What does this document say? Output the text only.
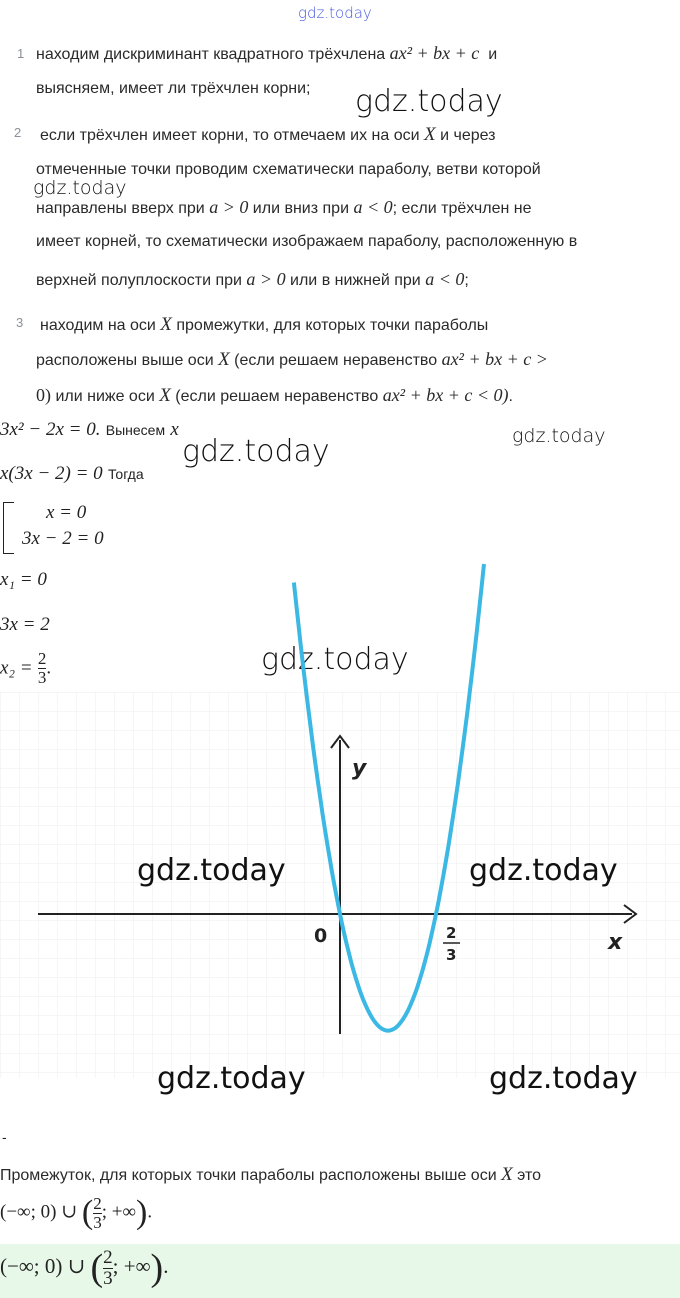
gdz.today
1 находим дискриминант квадратного трёхчлена ax² + bx + c и
выясняем, имеет ли трёхчлен корни; gdz.today
2 если трёхчлен имеет корни, то отмечаем их на оси X и через
отмеченные точки проводим схематически параболу, ветви которой
gdz.today
направлены вверх при a > 0 или вниз при a < 0; если трёхчлен не
имеет корней, то схематически изображаем параболу, расположенную в
верхней полуплоскости при a > 0 или в нижней при a < 0;
3 находим на оси X промежутки, для которых точки параболы
расположены выше оси X (если решаем неравенство ax² + bx + c >
0) или ниже оси X (если решаем неравенство ax² + bx + c < 0).
3x² − 2x = 0. Вынесем x	gdz.today
gdz.today
x(3x − 2) = 0 Тогда
x = 0
3x − 2 = 0
x₁ = 0
3x = 2
$x_2 = \frac{2}{3}$ .	gdz.today
y
x
0	2
3
gdz.today	gdz.today
gdz.today	gdz.today
-
Промежуток, для которых точки параболы расположены выше оси X это
(−∞; 0) ∪ ( $\frac{2}{3}$ ; +∞).
(−∞; 0) ∪ ( $\frac{2}{3}$ ; +∞).
